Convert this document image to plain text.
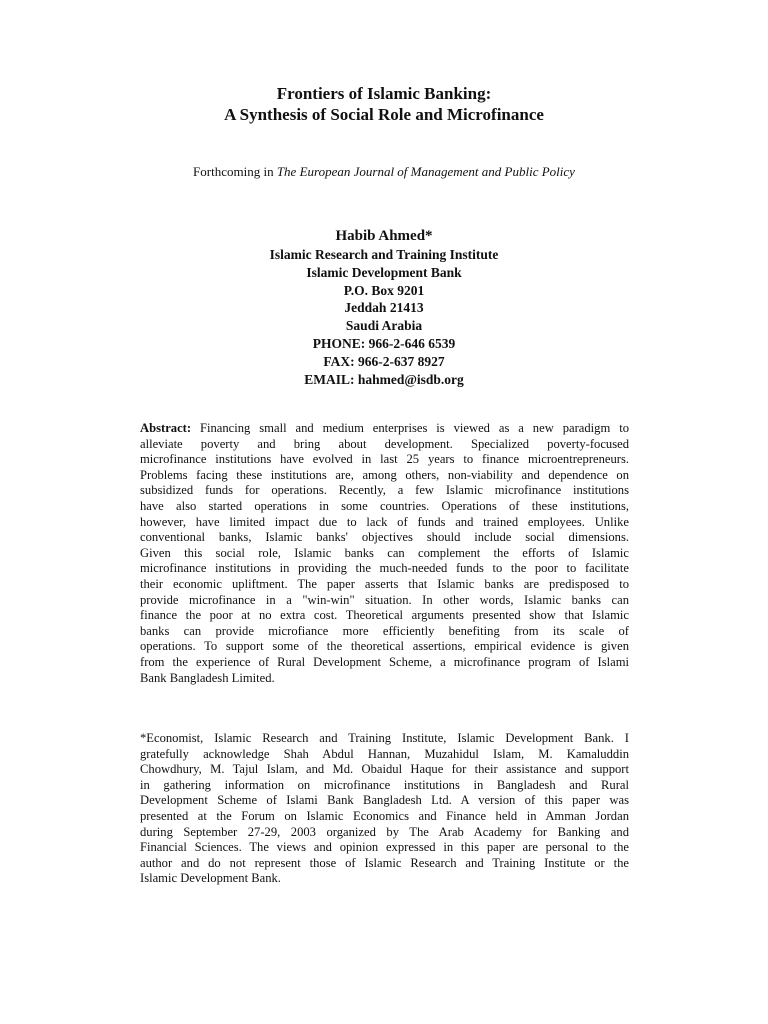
Frontiers of Islamic Banking:
A Synthesis of Social Role and Microfinance
Forthcoming in The European Journal of Management and Public Policy
Habib Ahmed*
Islamic Research and Training Institute
Islamic Development Bank
P.O. Box 9201
Jeddah 21413
Saudi Arabia
PHONE: 966-2-646 6539
FAX: 966-2-637 8927
EMAIL: hahmed@isdb.org
Abstract: Financing small and medium enterprises is viewed as a new paradigm to
alleviate poverty and bring about development. Specialized poverty-focused
microfinance institutions have evolved in last 25 years to finance microentrepreneurs.
Problems facing these institutions are, among others, non-viability and dependence on
subsidized funds for operations. Recently, a few Islamic microfinance institutions
have also started operations in some countries. Operations of these institutions,
however, have limited impact due to lack of funds and trained employees. Unlike
conventional banks, Islamic banks' objectives should include social dimensions.
Given this social role, Islamic banks can complement the efforts of Islamic
microfinance institutions in providing the much-needed funds to the poor to facilitate
their economic upliftment. The paper asserts that Islamic banks are predisposed to
provide microfinance in a "win-win" situation. In other words, Islamic banks can
finance the poor at no extra cost. Theoretical arguments presented show that Islamic
banks can provide microfiance more efficiently benefiting from its scale of
operations. To support some of the theoretical assertions, empirical evidence is given
from the experience of Rural Development Scheme, a microfinance program of Islami
Bank Bangladesh Limited.
*Economist, Islamic Research and Training Institute, Islamic Development Bank. I
gratefully acknowledge Shah Abdul Hannan, Muzahidul Islam, M. Kamaluddin
Chowdhury, M. Tajul Islam, and Md. Obaidul Haque for their assistance and support
in gathering information on microfinance institutions in Bangladesh and Rural
Development Scheme of Islami Bank Bangladesh Ltd. A version of this paper was
presented at the Forum on Islamic Economics and Finance held in Amman Jordan
during September 27-29, 2003 organized by The Arab Academy for Banking and
Financial Sciences. The views and opinion expressed in this paper are personal to the
author and do not represent those of Islamic Research and Training Institute or the
Islamic Development Bank.
